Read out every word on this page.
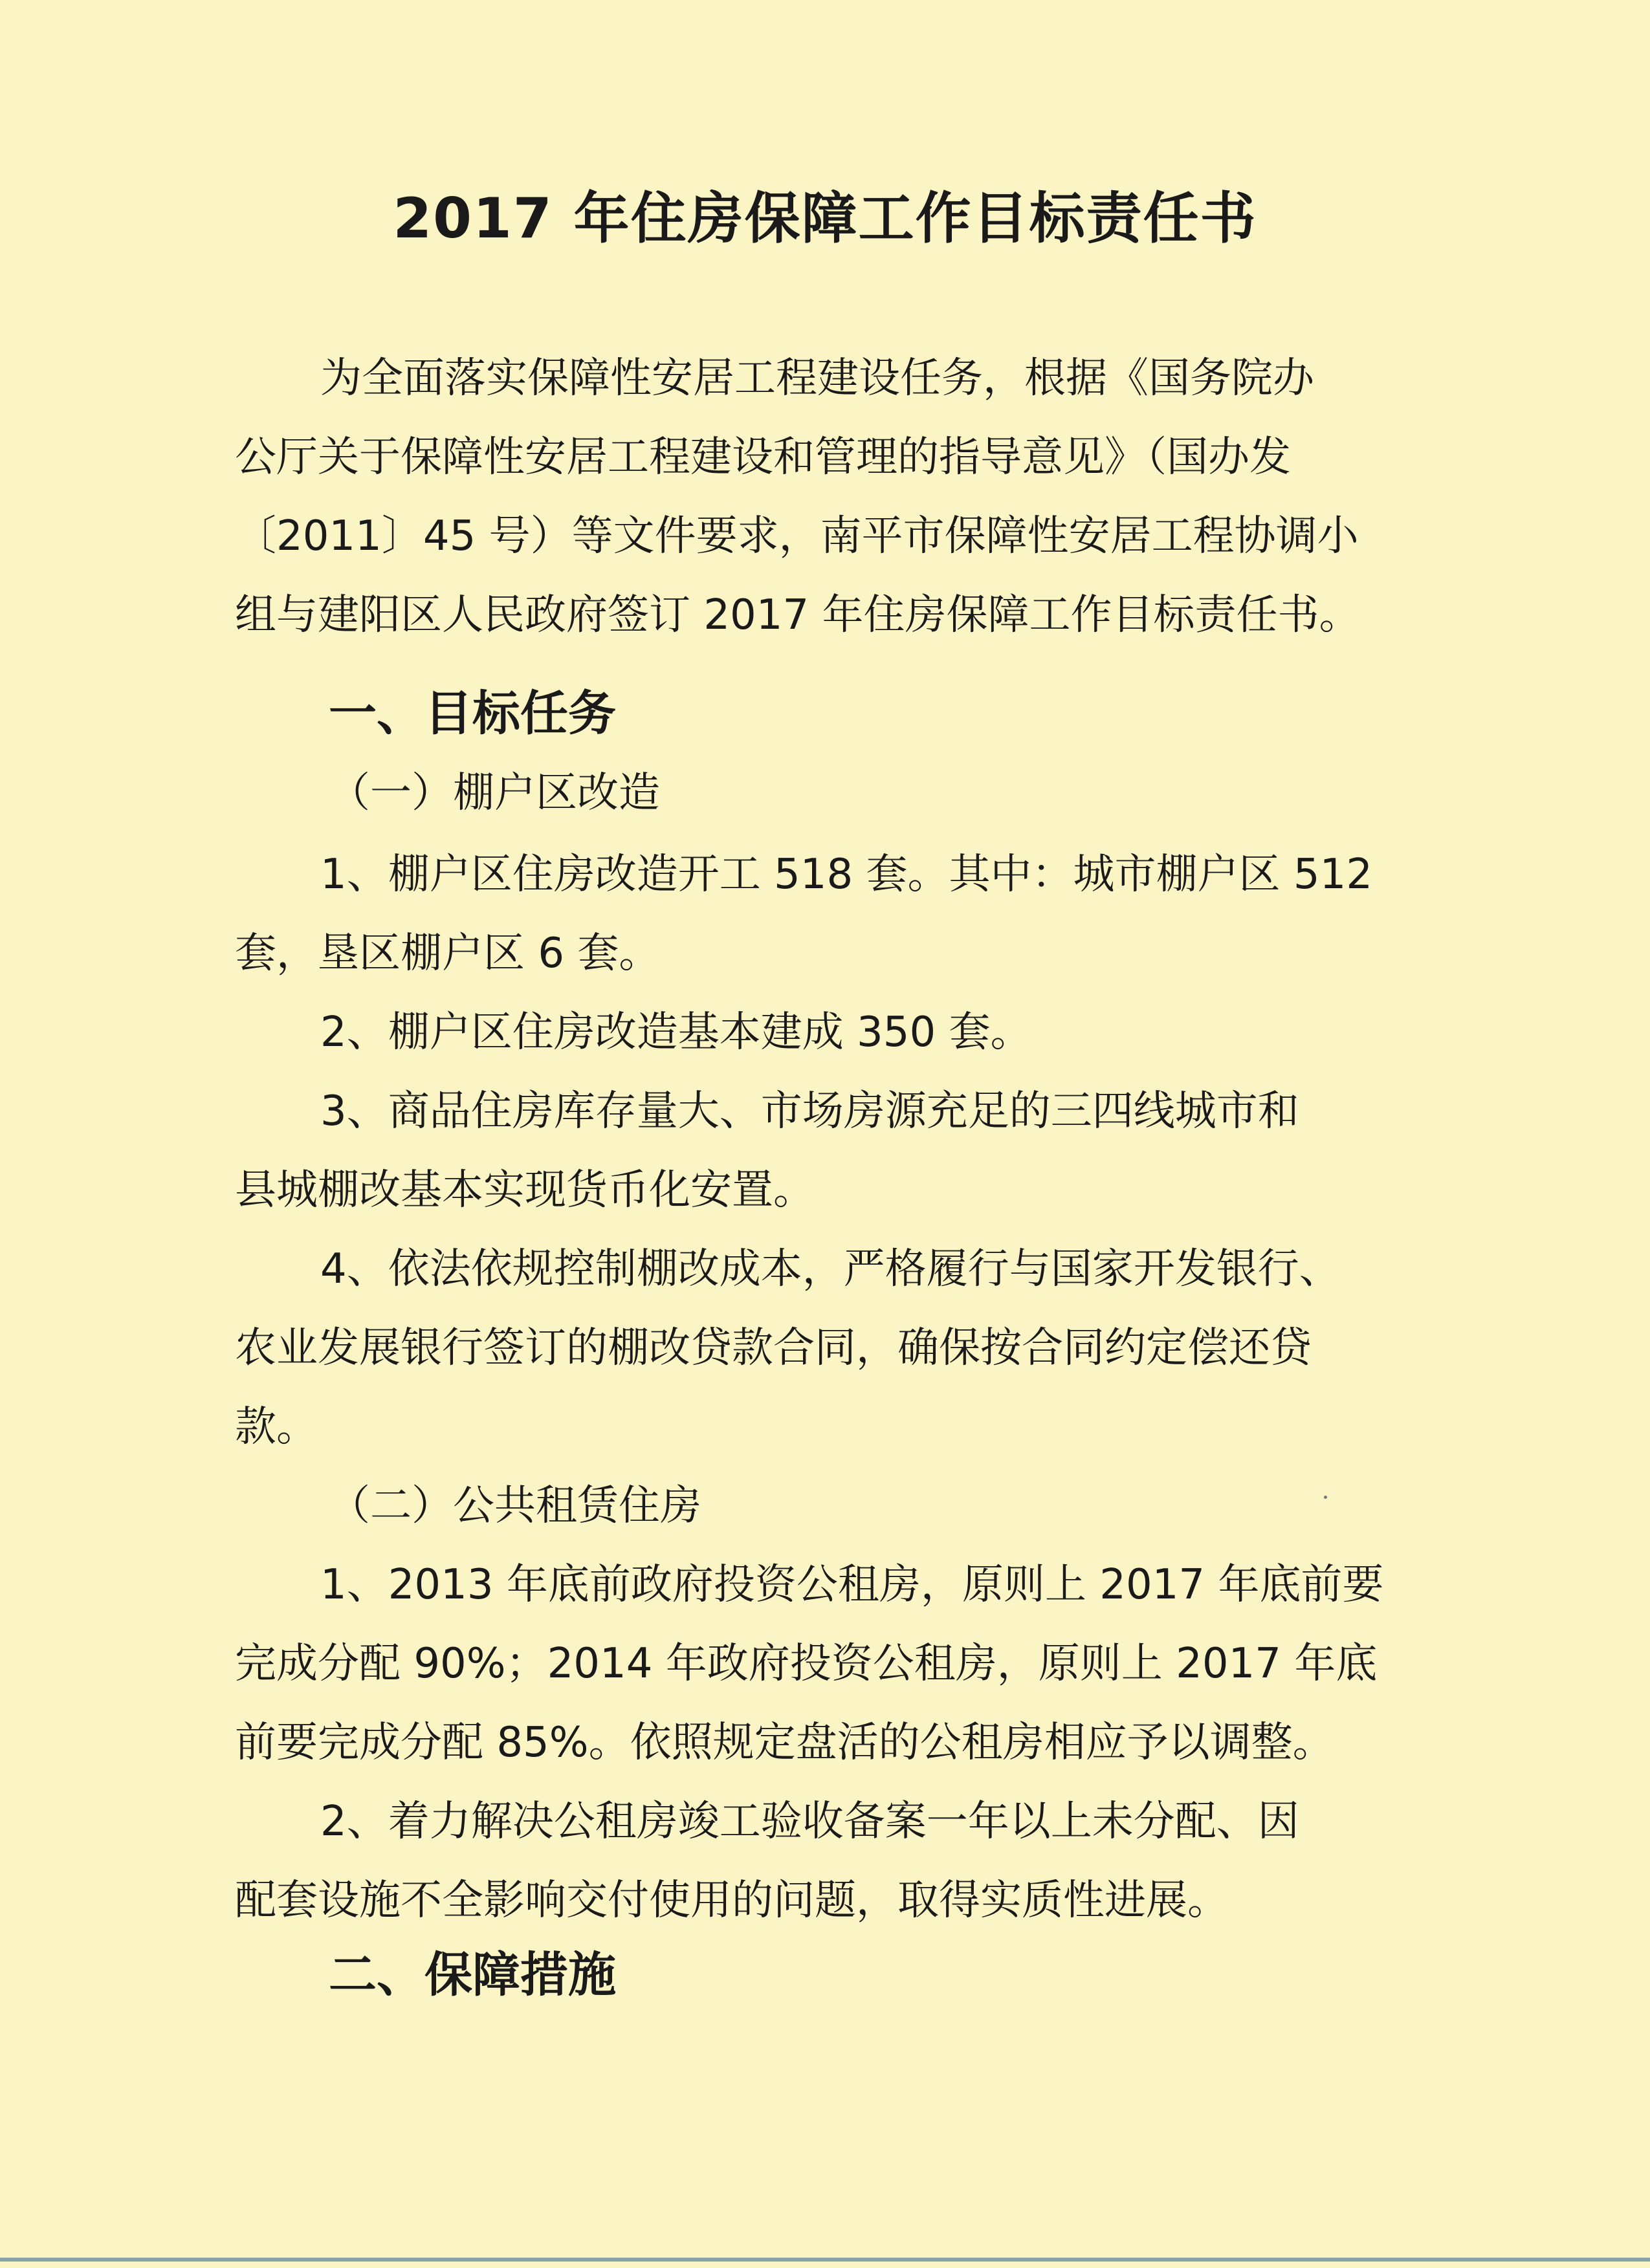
2017 年住房保障工作目标责任书
为全面落实保障性安居工程建设任务，根据《国务院办
公厅关于保障性安居工程建设和管理的指导意见》（国办发
〔2011〕45 号）等文件要求，南平市保障性安居工程协调小
组与建阳区人民政府签订 2017 年住房保障工作目标责任书。
一、目标任务
（一）棚户区改造
1、棚户区住房改造开工 518 套。其中：城市棚户区 512
套，垦区棚户区 6 套。
2、棚户区住房改造基本建成 350 套。
3、商品住房库存量大、市场房源充足的三四线城市和
县城棚改基本实现货币化安置。
4、依法依规控制棚改成本，严格履行与国家开发银行、
农业发展银行签订的棚改贷款合同，确保按合同约定偿还贷
款。
（二）公共租赁住房
1、2013 年底前政府投资公租房，原则上 2017 年底前要
完成分配 90%；2014 年政府投资公租房，原则上 2017 年底
前要完成分配 85%。依照规定盘活的公租房相应予以调整。
2、着力解决公租房竣工验收备案一年以上未分配、因
配套设施不全影响交付使用的问题，取得实质性进展。
二、保障措施
